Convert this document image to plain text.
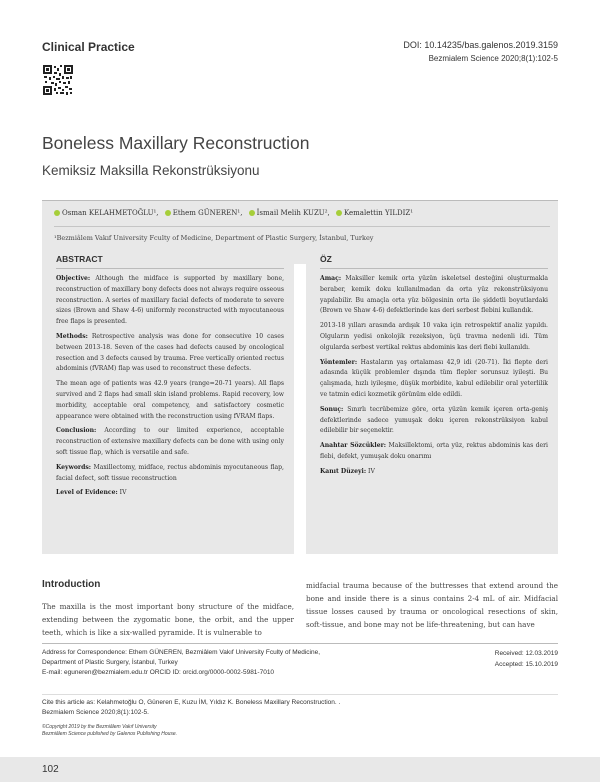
Clinical Practice	DOI: 10.14235/bas.galenos.2019.3159
Bezmialem Science 2020;8(1):102-5
Boneless Maxillary Reconstruction
Kemiksiz Maksilla Rekonstrüksiyonu
Osman KELAHMETOĞLU¹, Ethem GÜNEREN¹, İsmail Melih KUZU², Kemalettin YILDIZ¹
¹Bezmiâlem Vakıf University Fculty of Medicine, Department of Plastic Surgery, İstanbul, Turkey
ABSTRACT

Objective: Although the midface is supported by maxillary bone, reconstruction of maxillary bony defects does not always require osseous reconstruction. A series of maxillary facial defects of moderate to severe sizes (Brown and Shaw 4-6) uniformly reconstructed with myocutaneous free flaps is presented.

Methods: Retrospective analysis was done for consecutive 10 cases between 2013-18. Seven of the cases had defects caused by oncological resection and 3 defects caused by trauma. Free vertically oriented rectus abdominis (fVRAM) flap was used to reconstruct these defects.

The mean age of patients was 42.9 years (range=20-71 years). All flaps survived and 2 flaps had small skin island problems. Rapid recovery, low morbidity, acceptable oral competency, and satisfactory cosmetic appearance were obtained with the reconstruction using fVRAM flaps.

Conclusion: According to our limited experience, acceptable reconstruction of extensive maxillary defects can be done with using only soft tissue flap, which is versatile and safe.

Keywords: Maxillectomy, midface, rectus abdominis myocutaneous flap, facial defect, soft tissue reconstruction

Level of Evidence: IV

ÖZ

Amaç: Maksiller kemik orta yüzün iskeletsel desteğini oluşturmakla beraber, kemik doku kullanılmadan da orta yüz rekonstrüksiyonu yapılabilir. Bu amaçla orta yüz bölgesinin orta ile şiddetli boyutlardaki (Brown ve Shaw 4-6) defektlerinde kas deri serbest flebini kullandık.

2013-18 yılları arasında ardışık 10 vaka için retrospektif analiz yapıldı. Olguların yedisi onkolojik rezeksiyon, üçü travma nedenli idi. Tüm olgularda serbest vertikal rektus abdominis kas deri flebi kullanıldı.

Yöntemler: Hastaların yaş ortalaması 42,9 idi (20-71). İki flepte deri adasında küçük problemler dışında tüm flepler sorunsuz iyileşti. Bu çalışmada, hızlı iyileşme, düşük morbidite, kabul edilebilir oral yeterlilik ve tatmin edici kozmetik görünüm elde edildi.

Sonuç: Sınırlı tecrübemize göre, orta yüzün kemik içeren orta-geniş defektlerinde sadece yumuşak doku içeren rekonstrüksiyon kabul edilebilir bir seçenektir.

Anahtar Sözcükler: Maksillektomi, orta yüz, rektus abdominis kas deri flebi, defekt, yumuşak doku onarımı

Kanıt Düzeyi: IV

Introduction
The maxilla is the most important bony structure of the midface, extending between the zygomatic bone, the orbit, and the upper teeth, which is like a six-walled pyramide. It is vulnerable to
midfacial trauma because of the buttresses that extend around the bone and inside there is a sinus contains 2-4 mL of air. Midfacial tissue losses caused by trauma or oncological resections of skin, soft-tissue, and bone may not be life-threatening, but can have
Address for Correspondence: Ethem GÜNEREN, Bezmiâlem Vakıf University Fculty of Medicine,
Department of Plastic Surgery, İstanbul, Turkey
E-mail: eguneren@bezmialem.edu.tr ORCID ID: orcid.org/0000-0002-5981-7010
Received: 12.03.2019
Accepted: 15.10.2019
Cite this article as: Kelahmetoğlu O, Güneren E, Kuzu İM, Yıldız K. Boneless Maxillary Reconstruction. .
Bezmialem Science 2020;8(1):102-5.
©Copyright 2019 by the Bezmiâlem Vakıf University
Bezmiâlem Science published by Galenos Publishing House.
102
